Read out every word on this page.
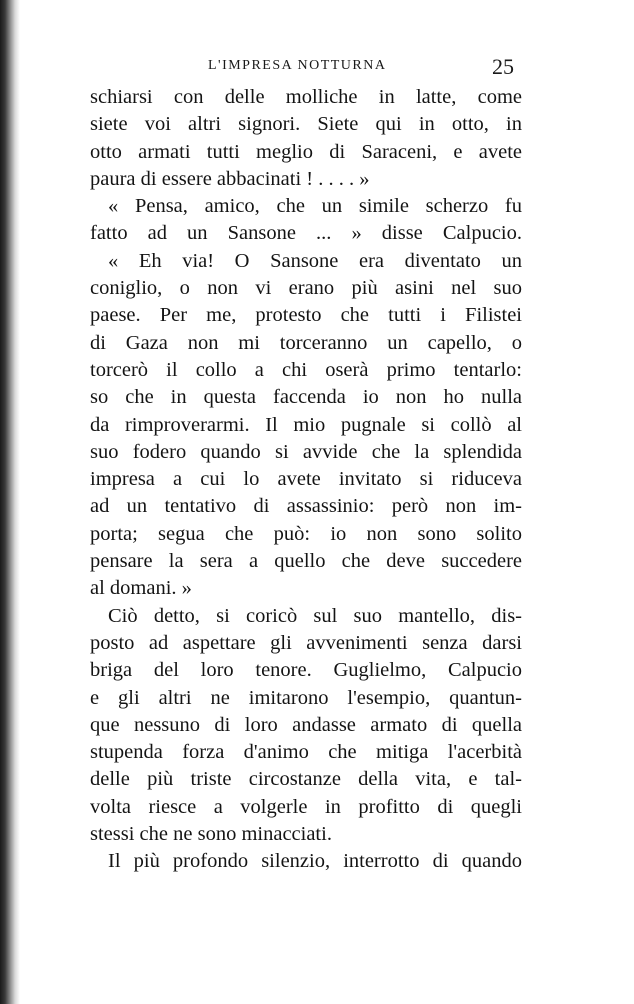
L'IMPRESA NOTTURNA	25
schiarsi con delle molliche in latte, come
siete voi altri signori. Siete qui in otto, in
otto armati tutti meglio di Saraceni, e avete
paura di essere abbacinati ! . . . . »
« Pensa, amico, che un simile scherzo fu
fatto ad un Sansone ... » disse Calpucio.
« Eh via! O Sansone era diventato un
coniglio, o non vi erano più asini nel suo
paese. Per me, protesto che tutti i Filistei
di Gaza non mi torceranno un capello, o
torcerò il collo a chi oserà primo tentarlo:
so che in questa faccenda io non ho nulla
da rimproverarmi. Il mio pugnale si collò al
suo fodero quando si avvide che la splendida
impresa a cui lo avete invitato si riduceva
ad un tentativo di assassinio: però non im-
porta; segua che può: io non sono solito
pensare la sera a quello che deve succedere
al domani. »
Ciò detto, si coricò sul suo mantello, dis-
posto ad aspettare gli avvenimenti senza darsi
briga del loro tenore. Guglielmo, Calpucio
e gli altri ne imitarono l'esempio, quantun-
que nessuno di loro andasse armato di quella
stupenda forza d'animo che mitiga l'acerbità
delle più triste circostanze della vita, e tal-
volta riesce a volgerle in profitto di quegli
stessi che ne sono minacciati.
Il più profondo silenzio, interrotto di quando
